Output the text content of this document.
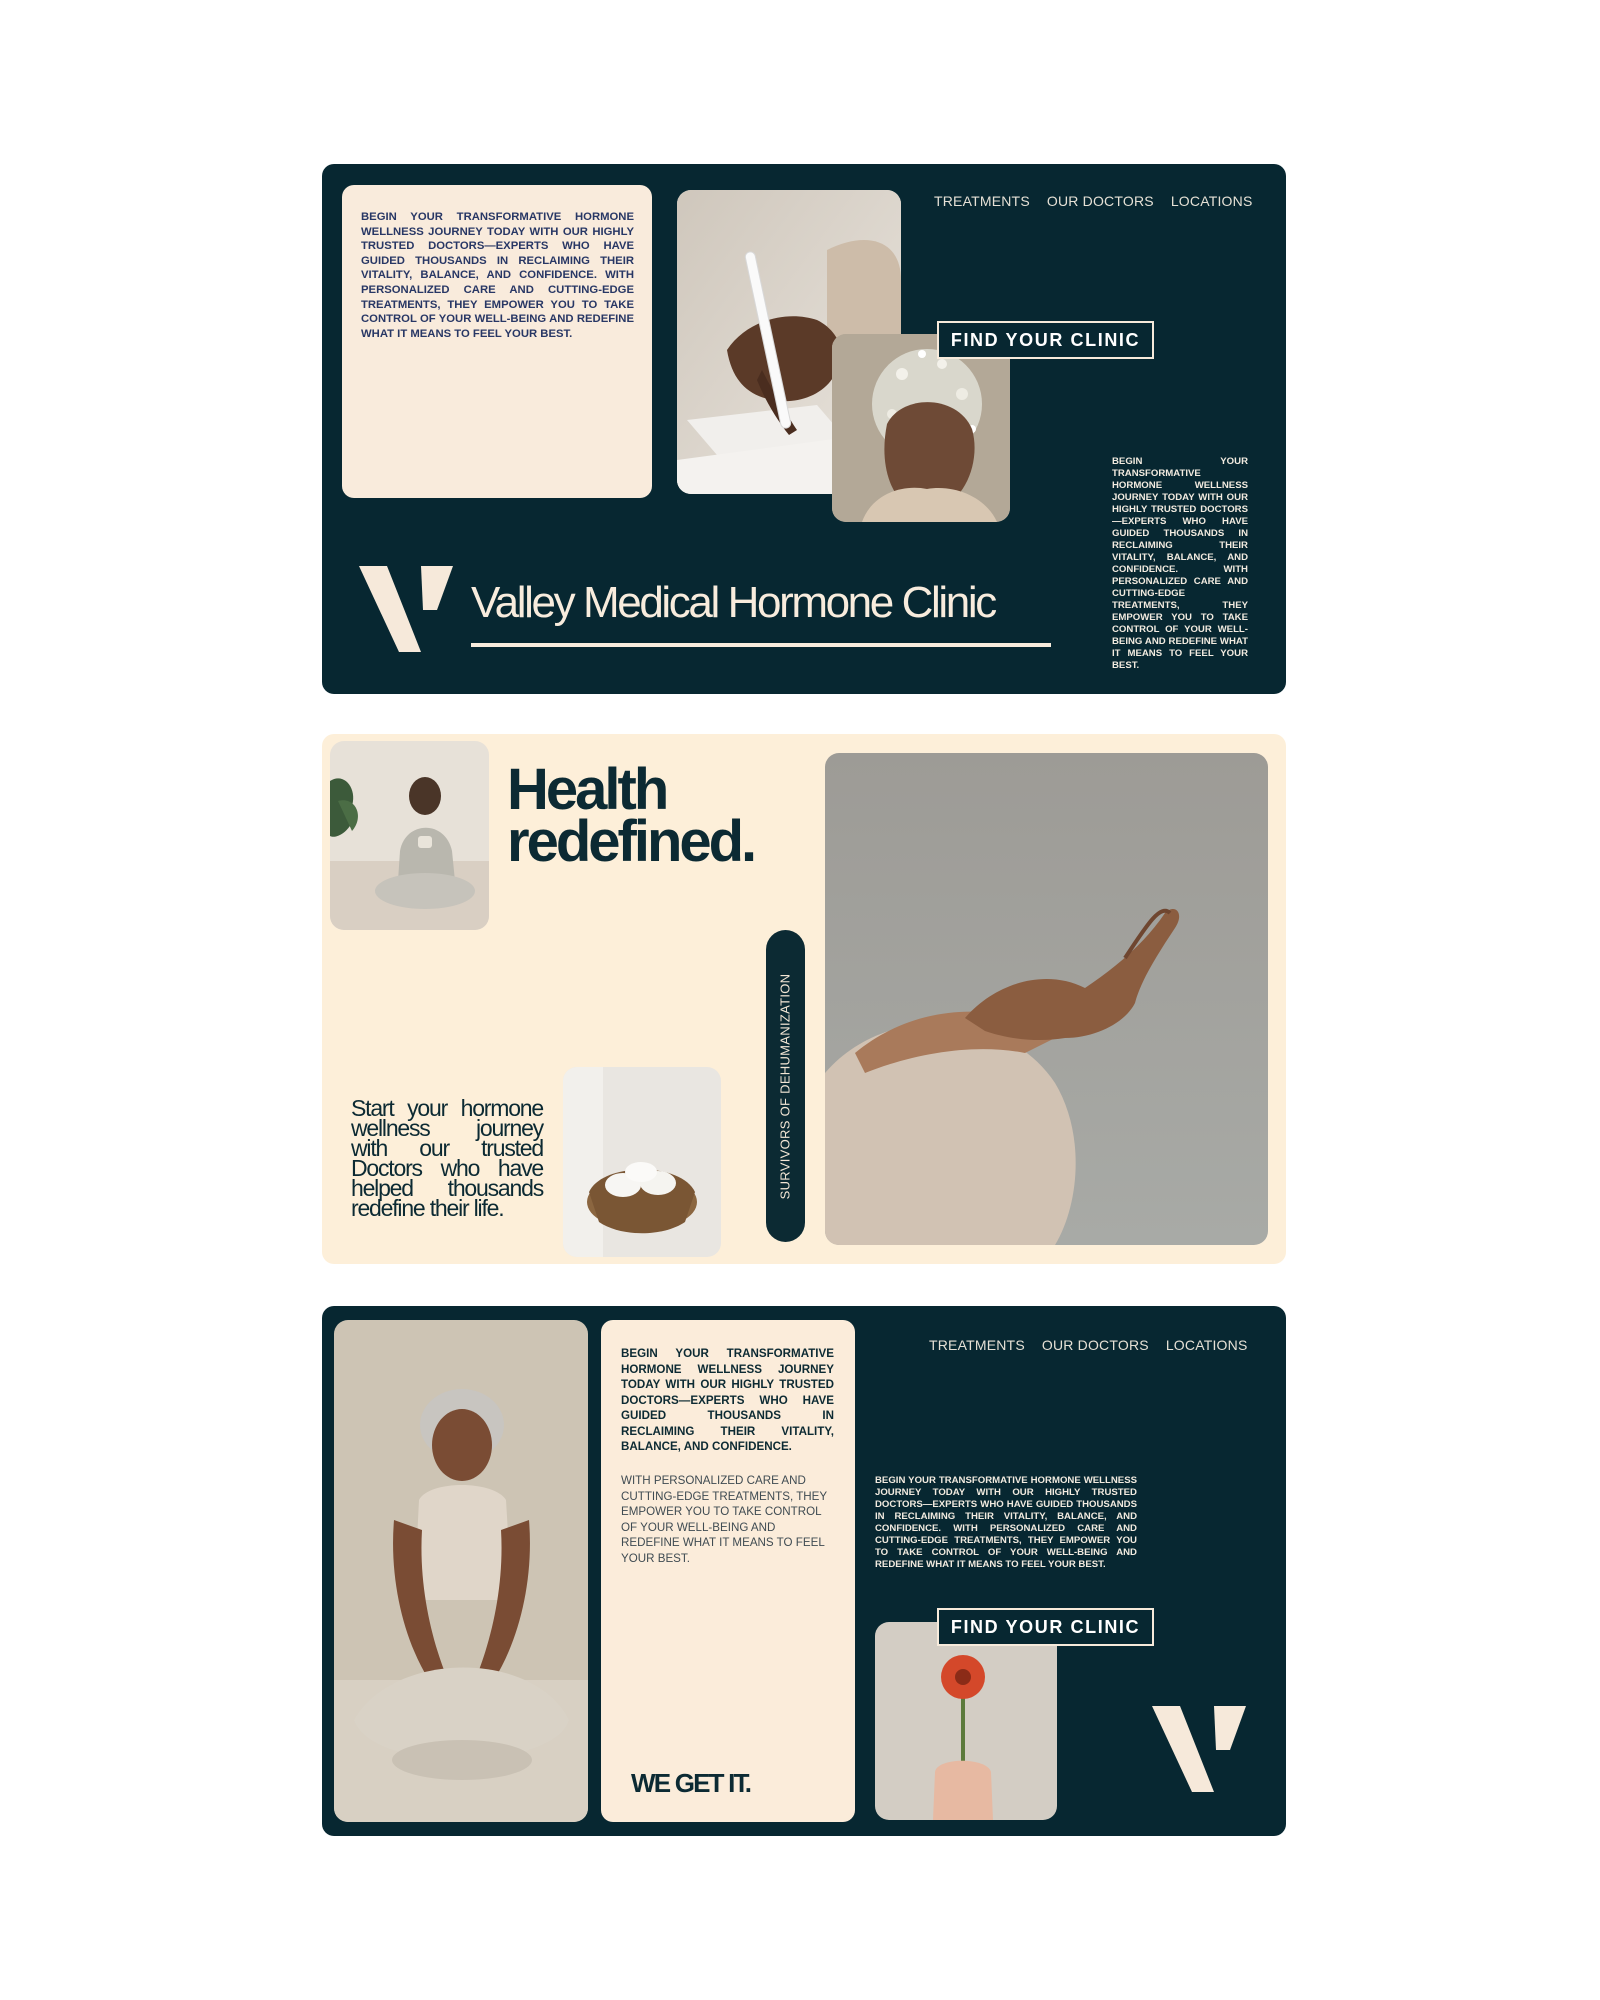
BEGIN YOUR TRANSFORMATIVE HORMONE WELLNESS JOURNEY TODAY WITH OUR HIGHLY TRUSTED DOCTORS—EXPERTS WHO HAVE GUIDED THOUSANDS IN RECLAIMING THEIR VITALITY, BALANCE, AND CONFIDENCE. WITH PERSONALIZED CARE AND CUTTING-EDGE TREATMENTS, THEY EMPOWER YOU TO TAKE CONTROL OF YOUR WELL-BEING AND REDEFINE WHAT IT MEANS TO FEEL YOUR BEST.
TREATMENTS OUR DOCTORS LOCATIONS
FIND YOUR CLINIC
BEGIN YOUR TRANSFORMATIVE HORMONE WELLNESS JOURNEY TODAY WITH OUR HIGHLY TRUSTED DOCTORS—EXPERTS WHO HAVE GUIDED THOUSANDS IN RECLAIMING THEIR VITALITY, BALANCE, AND CONFIDENCE. WITH PERSONALIZED CARE AND CUTTING-EDGE TREATMENTS, THEY EMPOWER YOU TO TAKE CONTROL OF YOUR WELL-BEING AND REDEFINE WHAT IT MEANS TO FEEL YOUR BEST.
Valley Medical Hormone Clinic
Health
redefined.
Start your hormone wellness journey with our trusted Doctors who have helped thousands redefine their life.
SURVIVORS OF DEHUMANIZATION
BEGIN YOUR TRANSFORMATIVE HORMONE WELLNESS JOURNEY TODAY WITH OUR HIGHLY TRUSTED DOCTORS—EXPERTS WHO HAVE GUIDED THOUSANDS IN RECLAIMING THEIR VITALITY, BALANCE, AND CONFIDENCE.
WITH PERSONALIZED CARE AND CUTTING-EDGE TREATMENTS, THEY EMPOWER YOU TO TAKE CONTROL OF YOUR WELL-BEING AND REDEFINE WHAT IT MEANS TO FEEL YOUR BEST.
WE GET IT.
TREATMENTS OUR DOCTORS LOCATIONS
BEGIN YOUR TRANSFORMATIVE HORMONE WELLNESS JOURNEY TODAY WITH OUR HIGHLY TRUSTED DOCTORS—EXPERTS WHO HAVE GUIDED THOUSANDS IN RECLAIMING THEIR VITALITY, BALANCE, AND CONFIDENCE. WITH PERSONALIZED CARE AND CUTTING-EDGE TREATMENTS, THEY EMPOWER YOU TO TAKE CONTROL OF YOUR WELL-BEING AND REDEFINE WHAT IT MEANS TO FEEL YOUR BEST.
FIND YOUR CLINIC
